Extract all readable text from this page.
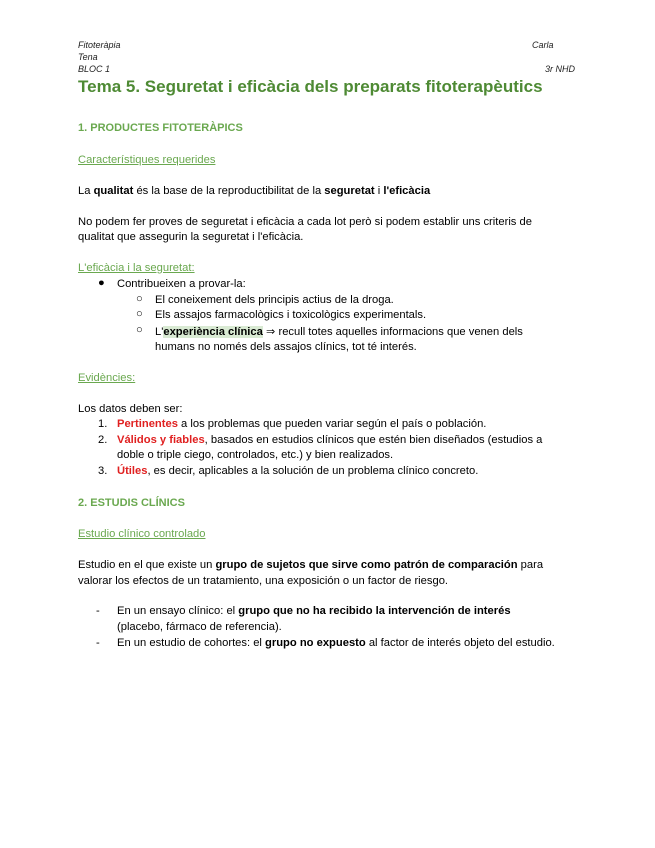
Fitoteràpia
Tena
BLOC 1
Carla
3r NHD
Tema 5. Seguretat i eficàcia dels preparats fitoterapèutics
1. PRODUCTES FITOTERÀPICS
Característiques requerides
La qualitat és la base de la reproductibilitat de la seguretat i l'eficàcia
No podem fer proves de seguretat i eficàcia a cada lot però si podem establir uns criteris de
qualitat que assegurin la seguretat i l'eficàcia.
L'eficàcia i la seguretat:
● Contribueixen a provar-la:
○ El coneixement dels principis actius de la droga.
○ Els assajos farmacològics i toxicològics experimentals.
○ L'experiència clínica ⇒ recull totes aquelles informacions que venen dels
humans no només dels assajos clínics, tot té interés.
Evidències:
Los datos deben ser:
1. Pertinentes a los problemas que pueden variar según el país o población.
2. Válidos y fiables, basados en estudios clínicos que estén bien diseñados (estudios a
doble o triple ciego, controlados, etc.) y bien realizados.
3. Útiles, es decir, aplicables a la solución de un problema clínico concreto.
2. ESTUDIS CLÍNICS
Estudio clínico controlado
Estudio en el que existe un grupo de sujetos que sirve como patrón de comparación para
valorar los efectos de un tratamiento, una exposición o un factor de riesgo.
- En un ensayo clínico: el grupo que no ha recibido la intervención de interés
(placebo, fármaco de referencia).
- En un estudio de cohortes: el grupo no expuesto al factor de interés objeto del estudio.
